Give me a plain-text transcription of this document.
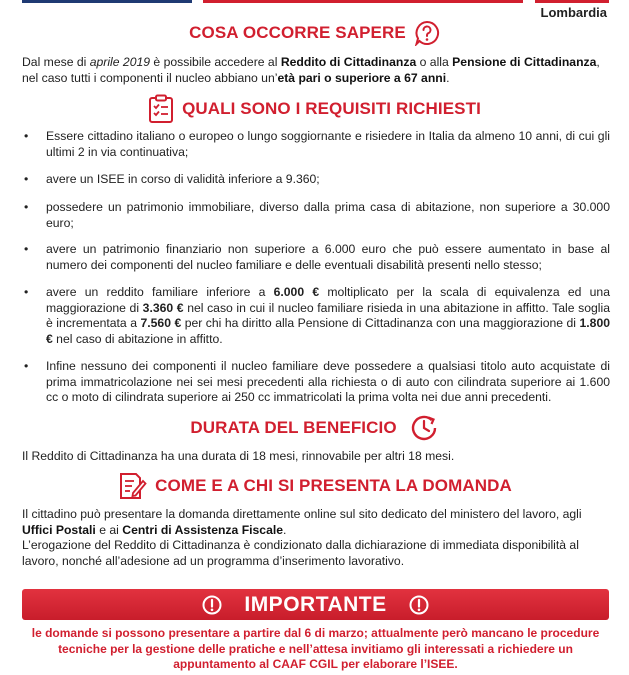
Lombardia
COSA OCCORRE SAPERE
Dal mese di aprile 2019 è possibile accedere al Reddito di Cittadinanza o alla Pensione di Cittadinanza,
nel caso tutti i componenti il nucleo abbiano un’età pari o superiore a 67 anni.
QUALI SONO I REQUISITI RICHIESTI
•	Essere cittadino italiano o europeo o lungo soggiornante e risiedere in Italia da almeno 10 anni, di cui gli ultimi 2 in via continuativa;
•	avere un ISEE in corso di validità inferiore a 9.360;
•	possedere un patrimonio immobiliare, diverso dalla prima casa di abitazione, non superiore a 30.000 euro;
•	avere un patrimonio finanziario non superiore a 6.000 euro che può essere aumentato in base al numero dei componenti del nucleo familiare e delle eventuali disabilità presenti nello stesso;
•	avere un reddito familiare inferiore a 6.000 € moltiplicato per la scala di equivalenza ed una maggiorazione di 3.360 € nel caso in cui il nucleo familiare risieda in una abitazione in affitto. Tale soglia è incrementata a 7.560 € per chi ha diritto alla Pensione di Cittadinanza con una maggiorazione di 1.800 € nel caso di abitazione in affitto.
•	Infine nessuno dei componenti il nucleo familiare deve possedere a qualsiasi titolo auto acquistate di prima immatricolazione nei sei mesi precedenti alla richiesta o di auto con cilindrata superiore ai 1.600 cc o moto di cilindrata superiore ai 250 cc immatricolati la prima volta nei due anni precedenti.
DURATA DEL BENEFICIO
Il Reddito di Cittadinanza ha una durata di 18 mesi, rinnovabile per altri 18 mesi.
COME E A CHI SI PRESENTA LA DOMANDA
Il cittadino può presentare la domanda direttamente online sul sito dedicato del ministero del lavoro, agli Uffici Postali e ai Centri di Assistenza Fiscale.
L’erogazione del Reddito di Cittadinanza è condizionato dalla dichiarazione di immediata disponibilità al lavoro, nonché all’adesione ad un programma d’inserimento lavorativo.
IMPORTANTE
le domande si possono presentare a partire dal 6 di marzo; attualmente però mancano le procedure tecniche per la gestione delle pratiche e nell’attesa invitiamo gli interessati a richiedere un appuntamento al CAAF CGIL per elaborare l’ISEE.
